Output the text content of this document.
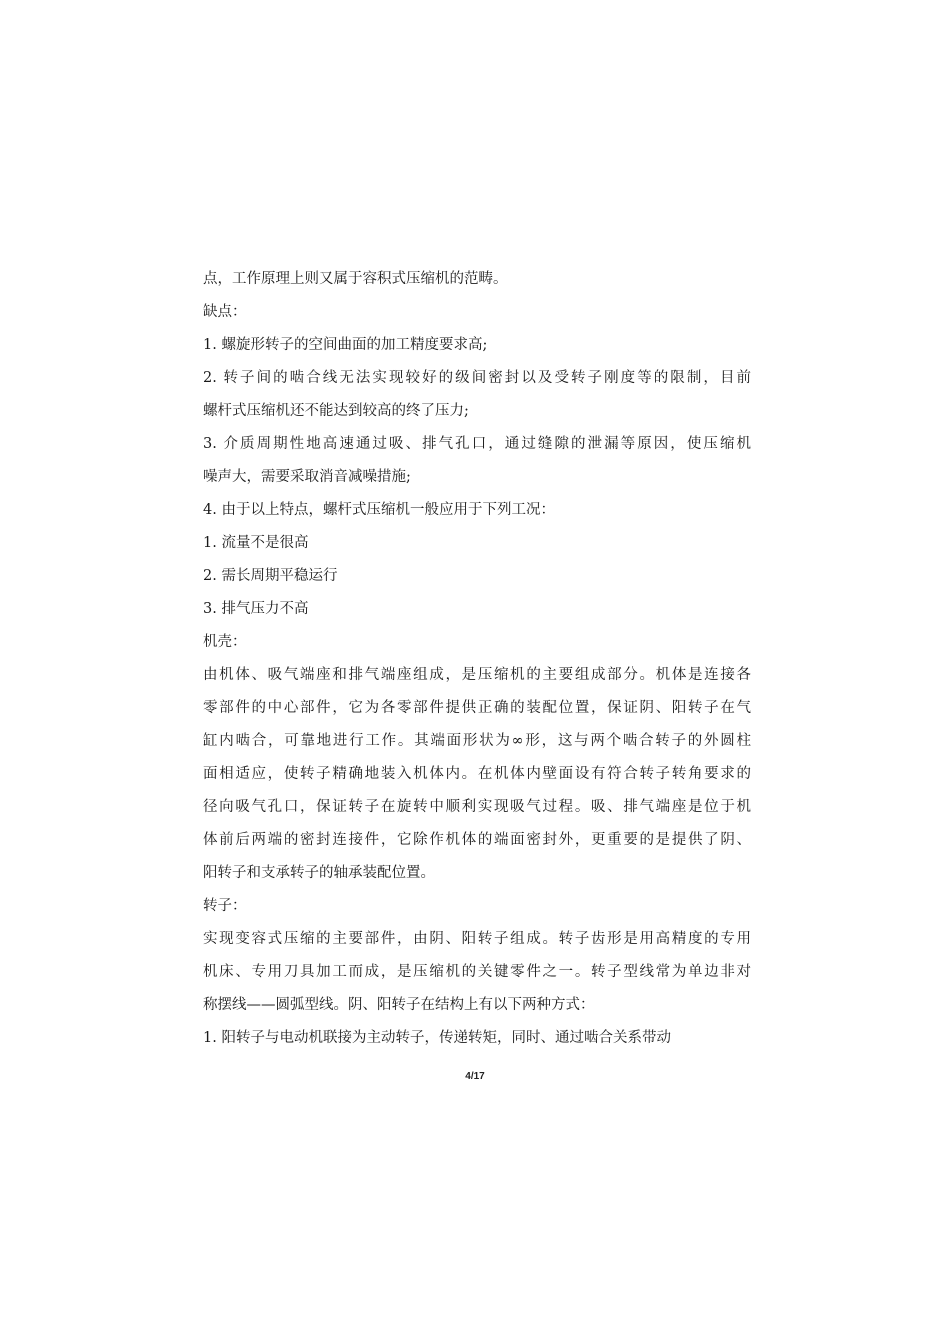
点，工作原理上则又属于容积式压缩机的范畴。
缺点：
1. 螺旋形转子的空间曲面的加工精度要求高;
2. 转子间的啮合线无法实现较好的级间密封以及受转子刚度等的限制，目前
螺杆式压缩机还不能达到较高的终了压力;
3. 介质周期性地高速通过吸、排气孔口，通过缝隙的泄漏等原因，使压缩机
噪声大，需要采取消音减噪措施;
4. 由于以上特点，螺杆式压缩机一般应用于下列工况：
1. 流量不是很高
2. 需长周期平稳运行
3. 排气压力不高
机壳：
由机体、吸气端座和排气端座组成，是压缩机的主要组成部分。机体是连接各
零部件的中心部件，它为各零部件提供正确的装配位置，保证阴、阳转子在气
缸内啮合，可靠地进行工作。其端面形状为∞形，这与两个啮合转子的外圆柱
面相适应，使转子精确地装入机体内。在机体内壁面设有符合转子转角要求的
径向吸气孔口，保证转子在旋转中顺利实现吸气过程。吸、排气端座是位于机
体前后两端的密封连接件，它除作机体的端面密封外，更重要的是提供了阴、
阳转子和支承转子的轴承装配位置。
转子：
实现变容式压缩的主要部件，由阴、阳转子组成。转子齿形是用高精度的专用
机床、专用刀具加工而成，是压缩机的关键零件之一。转子型线常为单边非对
称摆线——圆弧型线。阴、阳转子在结构上有以下两种方式：
1. 阳转子与电动机联接为主动转子，传递转矩，同时、通过啮合关系带动
4/17
